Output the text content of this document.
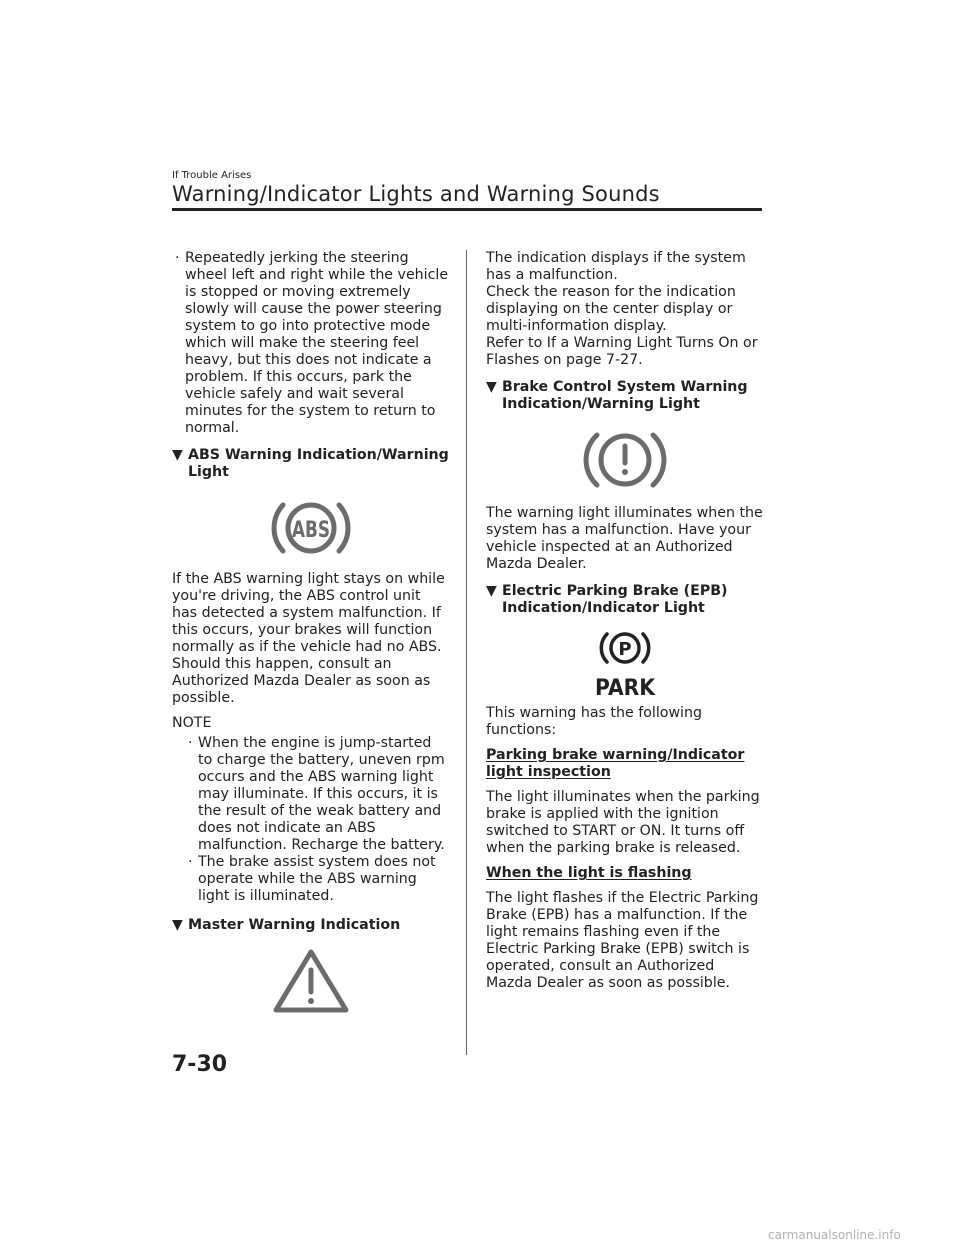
If Trouble Arises
Warning/Indicator Lights and Warning Sounds
· Repeatedly jerking the steering wheel left and right while the vehicle is stopped or moving extremely slowly will cause the power steering system to go into protective mode which will make the steering feel heavy, but this does not indicate a problem. If this occurs, park the vehicle safely and wait several minutes for the system to return to normal.
▼ ABS Warning Indication/Warning Light
ABS

If the ABS warning light stays on while you're driving, the ABS control unit has detected a system malfunction. If this occurs, your brakes will function normally as if the vehicle had no ABS. Should this happen, consult an Authorized Mazda Dealer as soon as possible.

NOTE
· When the engine is jump-started to charge the battery, uneven rpm occurs and the ABS warning light may illuminate. If this occurs, it is the result of the weak battery and does not indicate an ABS malfunction. Recharge the battery.
· The brake assist system does not operate while the ABS warning light is illuminated.
▼ Master Warning Indication

The indication displays if the system has a malfunction.

Check the reason for the indication displaying on the center display or multi-information display.

Refer to If a Warning Light Turns On or Flashes on page 7-27.

▼ Brake Control System Warning Indication/Warning Light

The warning light illuminates when the system has a malfunction. Have your vehicle inspected at an Authorized Mazda Dealer.

▼ Electric Parking Brake (EPB) Indication/Indicator Light
P
PARK

This warning has the following functions:

Parking brake warning/Indicator light inspection

The light illuminates when the parking brake is applied with the ignition switched to START or ON. It turns off when the parking brake is released.

When the light is flashing

The light flashes if the Electric Parking Brake (EPB) has a malfunction. If the light remains flashing even if the Electric Parking Brake (EPB) switch is operated, consult an Authorized Mazda Dealer as soon as possible.

7-30
carmanualsonline.info
